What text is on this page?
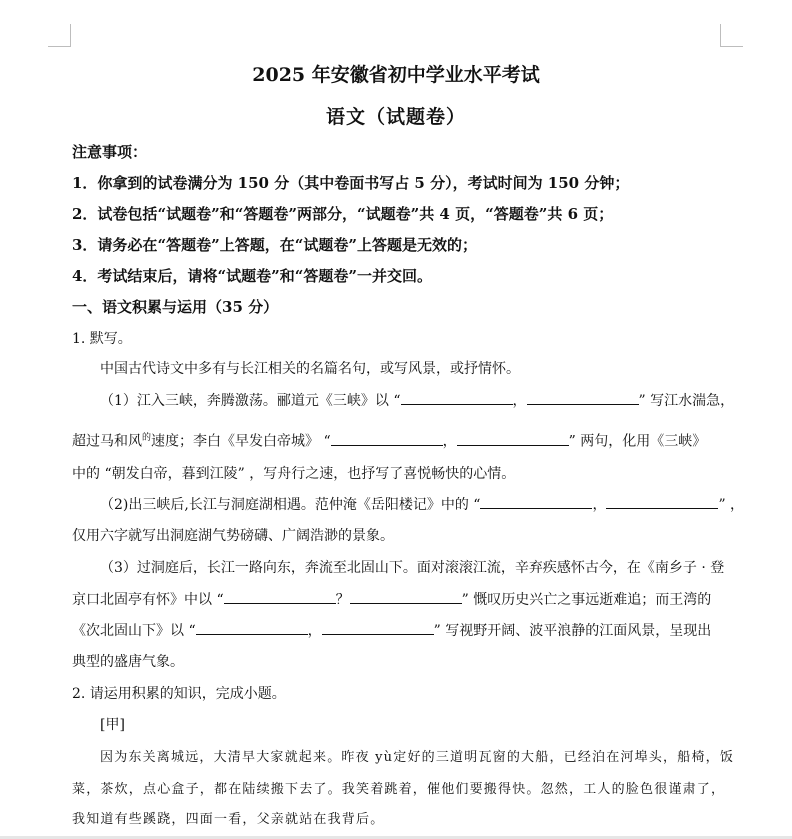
2025 年安徽省初中学业水平考试
语文（试题卷）
注意事项：
1．你拿到的试卷满分为 150 分（其中卷面书写占 5 分），考试时间为 150 分钟；
2．试卷包括“试题卷”和“答题卷”两部分，“试题卷”共 4 页，“答题卷”共 6 页；
3．请务必在“答题卷”上答题，在“试题卷”上答题是无效的；
4．考试结束后，请将“试题卷”和“答题卷”一并交回。
一、语文积累与运用（35 分）
1. 默写。
中国古代诗文中多有与长江相关的名篇名句，或写风景，或抒情怀。
（1）江入三峡，奔腾激荡。郦道元《三峡》以 “	，	” 写江水湍急，
超过马和风$^的$速度；李白《早发白帝城》 “	，	” 两句，化用《三峡》
中的 “朝发白帝，暮到江陵” ，写舟行之速，也抒写了喜悦畅快的心情。
（2)出三峡后,长江与洞庭湖相遇。范仲淹《岳阳楼记》中的 “	，	” ，
仅用六字就写出洞庭湖气势磅礴、广阔浩渺的景象。
（3）过洞庭后，长江一路向东，奔流至北固山下。面对滚滚江流，辛弃疾感怀古今，在《南乡子 · 登
京口北固亭有怀》中以 “	？	” 慨叹历史兴亡之事远逝难追；而王湾的
《次北固山下》以 “	，	” 写视野开阔、波平浪静的江面风景，呈现出
典型的盛唐气象。
2. 请运用积累的知识，完成小题。
[甲]
因为东关离城远，大清早大家就起来。昨夜 yù定好的三道明瓦窗的大船，已经泊在河埠头，船椅，饭
菜，茶炊，点心盒子，都在陆续搬下去了。我笑着跳着，催他们要搬得快。忽然，工人的脸色很谨肃了，
我知道有些蹊跷，四面一看，父亲就站在我背后。
